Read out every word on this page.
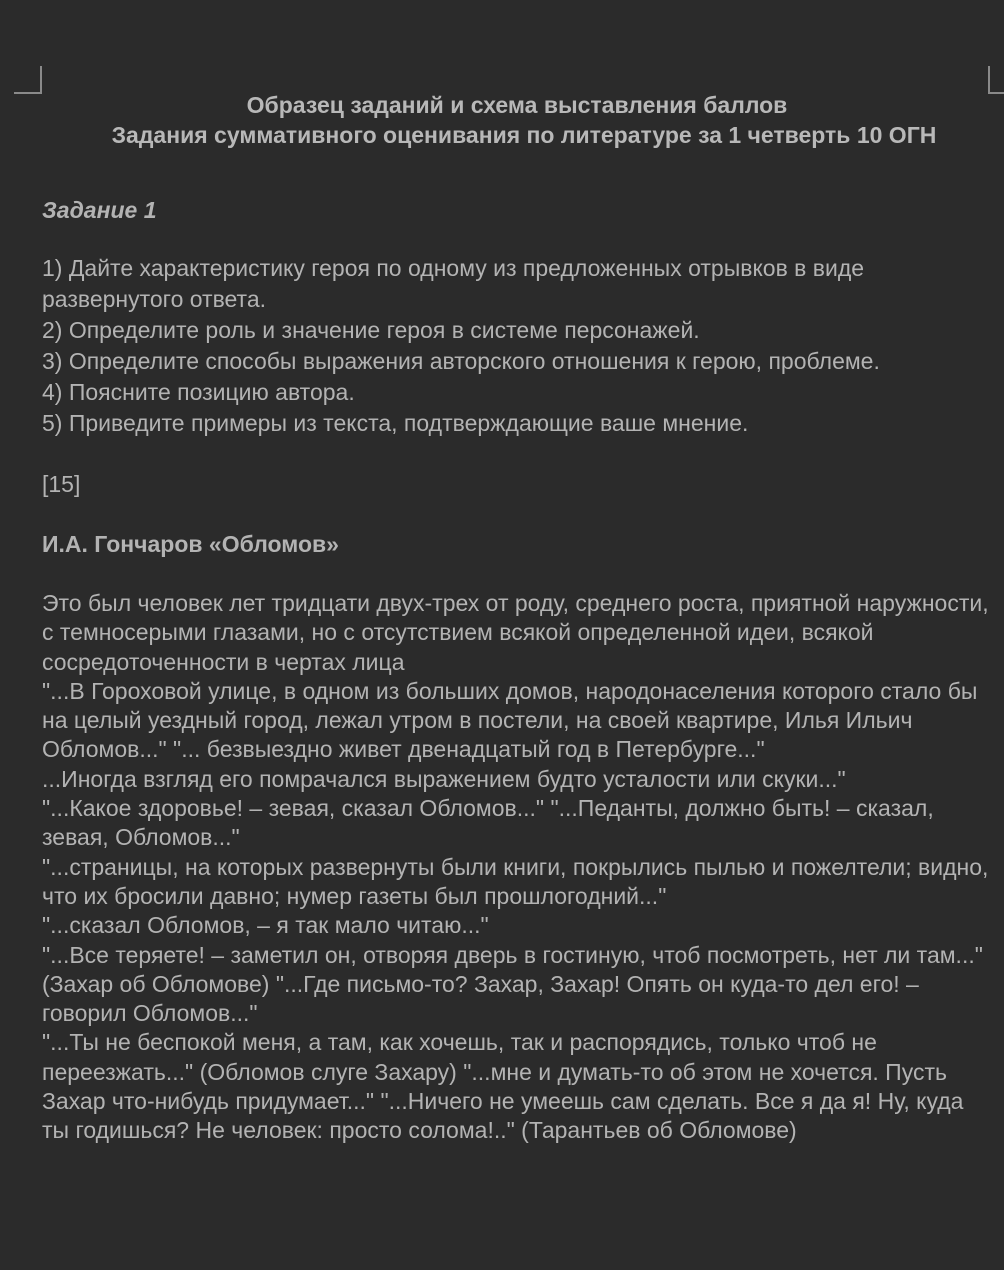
Образец заданий и схема выставления баллов
Задания суммативного оценивания по литературе за 1 четверть 10 ОГН
Задание 1

1) Дайте характеристику героя по одному из предложенных отрывков в виде развернутого ответа.

2) Определите роль и значение героя в системе персонажей.

3) Определите способы выражения авторского отношения к герою, проблеме.

4) Поясните позицию автора.

5) Приведите примеры из текста, подтверждающие ваше мнение.

[15]
И.А. Гончаров «Обломов»

Это был человек лет тридцати двух-трех от роду, среднего роста, приятной наружности, с темносерыми глазами, но с отсутствием всякой определенной идеи, всякой сосредоточенности в чертах лица

"...В Гороховой улице, в одном из больших домов, народонаселения которого стало бы на целый уездный город, лежал утром в постели, на своей квартире, Илья Ильич Обломов..." "... безвыездно живет двенадцатый год в Петербурге..."

...Иногда взгляд его помрачался выражением будто усталости или скуки..."

"...Какое здоровье! – зевая, сказал Обломов..." "...Педанты, должно быть! – сказал, зевая, Обломов..."

"...страницы, на которых развернуты были книги, покрылись пылью и пожелтели; видно, что их бросили давно; нумер газеты был прошлогодний..."

"...сказал Обломов, – я так мало читаю..."

"...Все теряете! – заметил он, отворяя дверь в гостиную, чтоб посмотреть, нет ли там..." (Захар об Обломове) "...Где письмо-то? Захар, Захар! Опять он куда-то дел его! – говорил Обломов..."

"...Ты не беспокой меня, а там, как хочешь, так и распорядись, только чтоб не переезжать..." (Обломов слуге Захару) "...мне и думать-то об этом не хочется. Пусть Захар что-нибудь придумает..." "...Ничего не умеешь сам сделать. Все я да я! Ну, куда ты годишься? Не человек: просто солома!.." (Тарантьев об Обломове)
